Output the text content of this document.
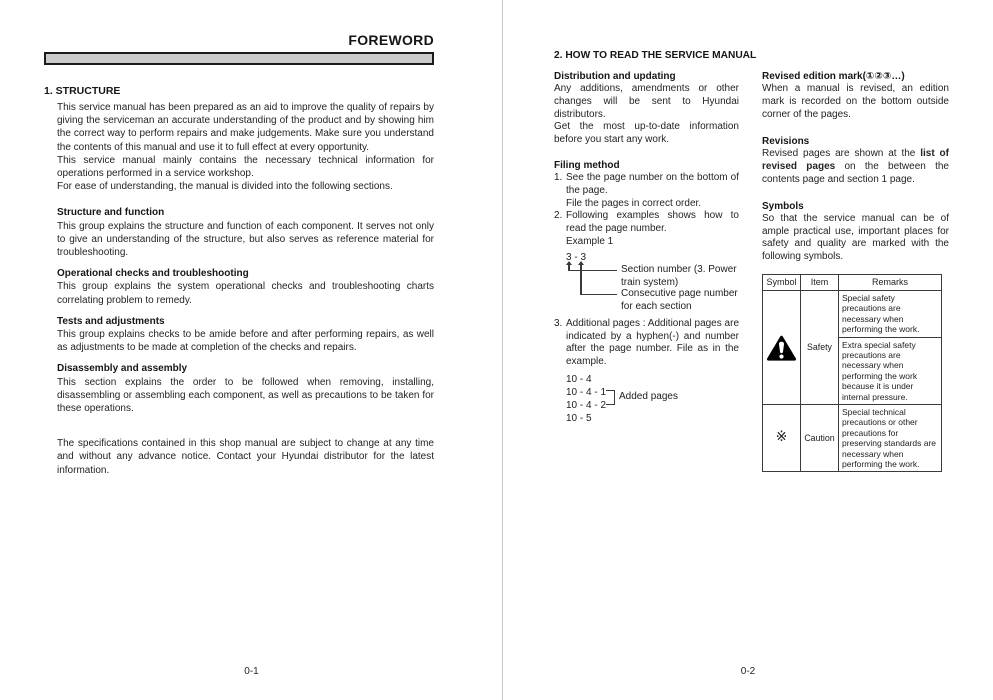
FOREWORD
1. STRUCTURE

This service manual has been prepared as an aid to improve the quality of repairs by giving the serviceman an accurate understanding of the product and by showing him the correct way to perform repairs and make judgements. Make sure you understand the contents of this manual and use it to full effect at every opportunity.

This service manual mainly contains the necessary technical information for operations performed in a service workshop.

For ease of understanding, the manual is divided into the following sections.

Structure and function

This group explains the structure and function of each component. It serves not only to give an understanding of the structure, but also serves as reference material for troubleshooting.

Operational checks and troubleshooting

This group explains the system operational checks and troubleshooting charts correlating problem to remedy.

Tests and adjustments

This group explains checks to be amide before and after performing repairs, as well as adjustments to be made at completion of the checks and repairs.

Disassembly and assembly

This section explains the order to be followed when removing, installing, disassembling or assembling each component, as well as precautions to be taken for these operations.

The specifications contained in this shop manual are subject to change at any time and without any advance notice. Contact your Hyundai distributor for the latest information.

2. HOW TO READ THE SERVICE MANUAL
Distribution and updating

Any additions, amendments or other changes will be sent to Hyundai distributors.

Get the most up-to-date information before you start any work.

Filing method
1. See the page number on the bottom of the page.

File the pages in correct order.

2. Following examples shows how to read the page number.

Example 1

3 - 3
Section number (3. Power train system)
Consecutive page number for each section
3. Additional pages : Additional pages are indicated by a hyphen(-) and number after the page number. File as in the example.

10 - 4
10 - 4 - 1
10 - 4 - 2
10 - 5
Added pages
Revised edition mark(①②③…)

When a manual is revised, an edition mark is recorded on the bottom outside corner of the pages.

Revisions

Revised pages are shown at the list of revised pages on the between the contents page and section 1 page.

Symbols

So that the service manual can be of ample practical use, important places for safety and quality are marked with the following symbols.

Symbol	Item	Remarks

	Safety	Special safety precautions are necessary when performing the work.
		Extra special safety precautions are necessary when performing the work because it is under internal pressure.
※	Caution	Special technical precautions or other precautions for preserving standards are necessary when performing the work.
0-1	0-2
